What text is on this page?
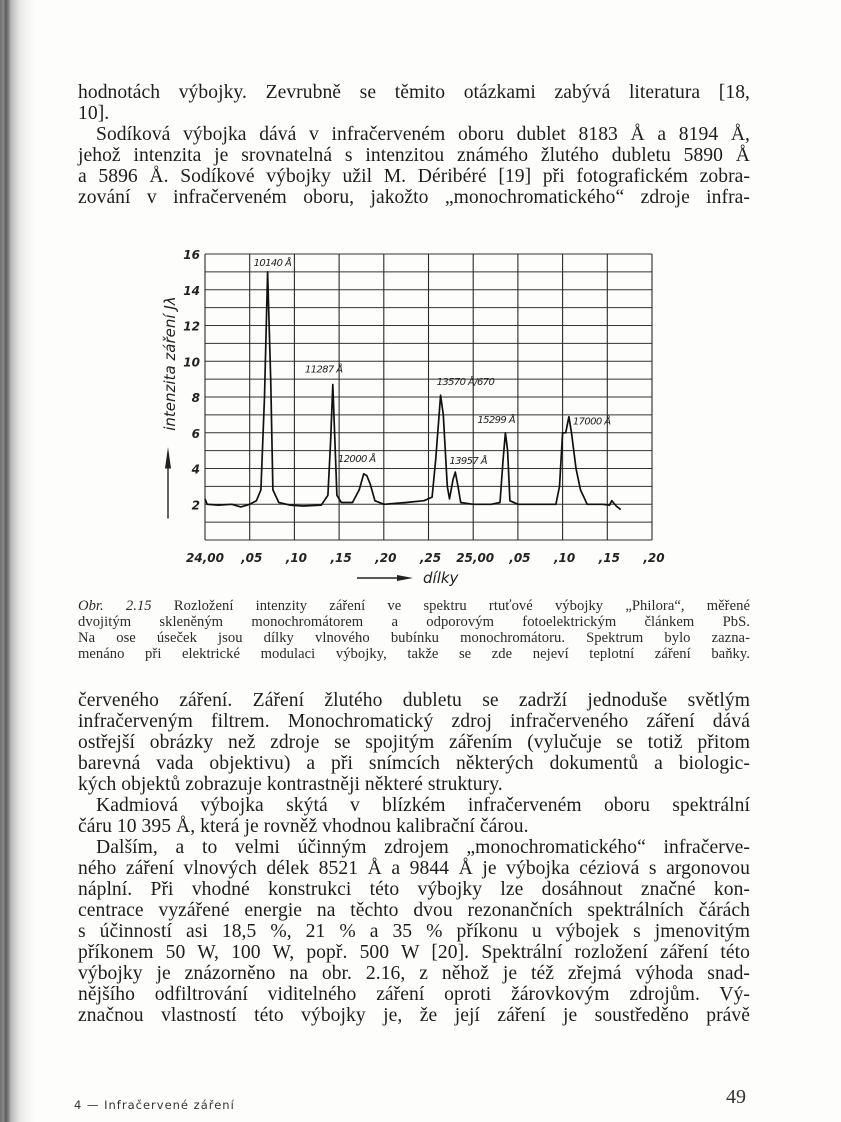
hodnotách výbojky. Zevrubně se těmito otázkami zabývá literatura [18,
10].
Sodíková výbojka dává v infračerveném oboru dublet 8183 Å a 8194 Å,
jehož intenzita je srovnatelná s intenzitou známého žlutého dubletu 5890 Å
a 5896 Å. Sodíkové výbojky užil M. Déribéré [19] při fotografickém zobra-
zování v infračerveném oboru, jakožto „monochromatického“ zdroje infra-
2
4
6
8
10
12
14
16
24,00 ,05 ,10 ,15 ,20 ,25 25,00 ,05 ,10 ,15 ,20
intenzita záření Jλ
dílky
10140 Å
11287 Å
12000 Å
13570 Å/670
13957 Å
15299 Å	17000 Å
Obr. 2.15 Rozložení intenzity záření ve spektru rtuťové výbojky „Philora“, měřené
dvojitým skleněným monochromátorem a odporovým fotoelektrickým článkem PbS.
Na ose úseček jsou dílky vlnového bubínku monochromátoru. Spektrum bylo zazna-
menáno při elektrické modulaci výbojky, takže se zde nejeví teplotní záření baňky.
červeného záření. Záření žlutého dubletu se zadrží jednoduše světlým
infračerveným filtrem. Monochromatický zdroj infračerveného záření dává
ostřejší obrázky než zdroje se spojitým zářením (vylučuje se totiž přitom
barevná vada objektivu) a při snímcích některých dokumentů a biologic-
kých objektů zobrazuje kontrastněji některé struktury.
Kadmiová výbojka skýtá v blízkém infračerveném oboru spektrální
čáru 10 395 Å, která je rovněž vhodnou kalibrační čárou.
Dalším, a to velmi účinným zdrojem „monochromatického“ infračerve-
ného záření vlnových délek 8521 Å a 9844 Å je výbojka céziová s argonovou
náplní. Při vhodné konstrukci této výbojky lze dosáhnout značné kon-
centrace vyzářené energie na těchto dvou rezonančních spektrálních čárách
s účinností asi 18,5 %, 21 % a 35 % příkonu u výbojek s jmenovitým
příkonem 50 W, 100 W, popř. 500 W [20]. Spektrální rozložení záření této
výbojky je znázorněno na obr. 2.16, z něhož je též zřejmá výhoda snad-
nějšího odfiltrování viditelného záření oproti žárovkovým zdrojům. Vý-
značnou vlastností této výbojky je, že její záření je soustředěno právě
4 — Infračervené záření	49
